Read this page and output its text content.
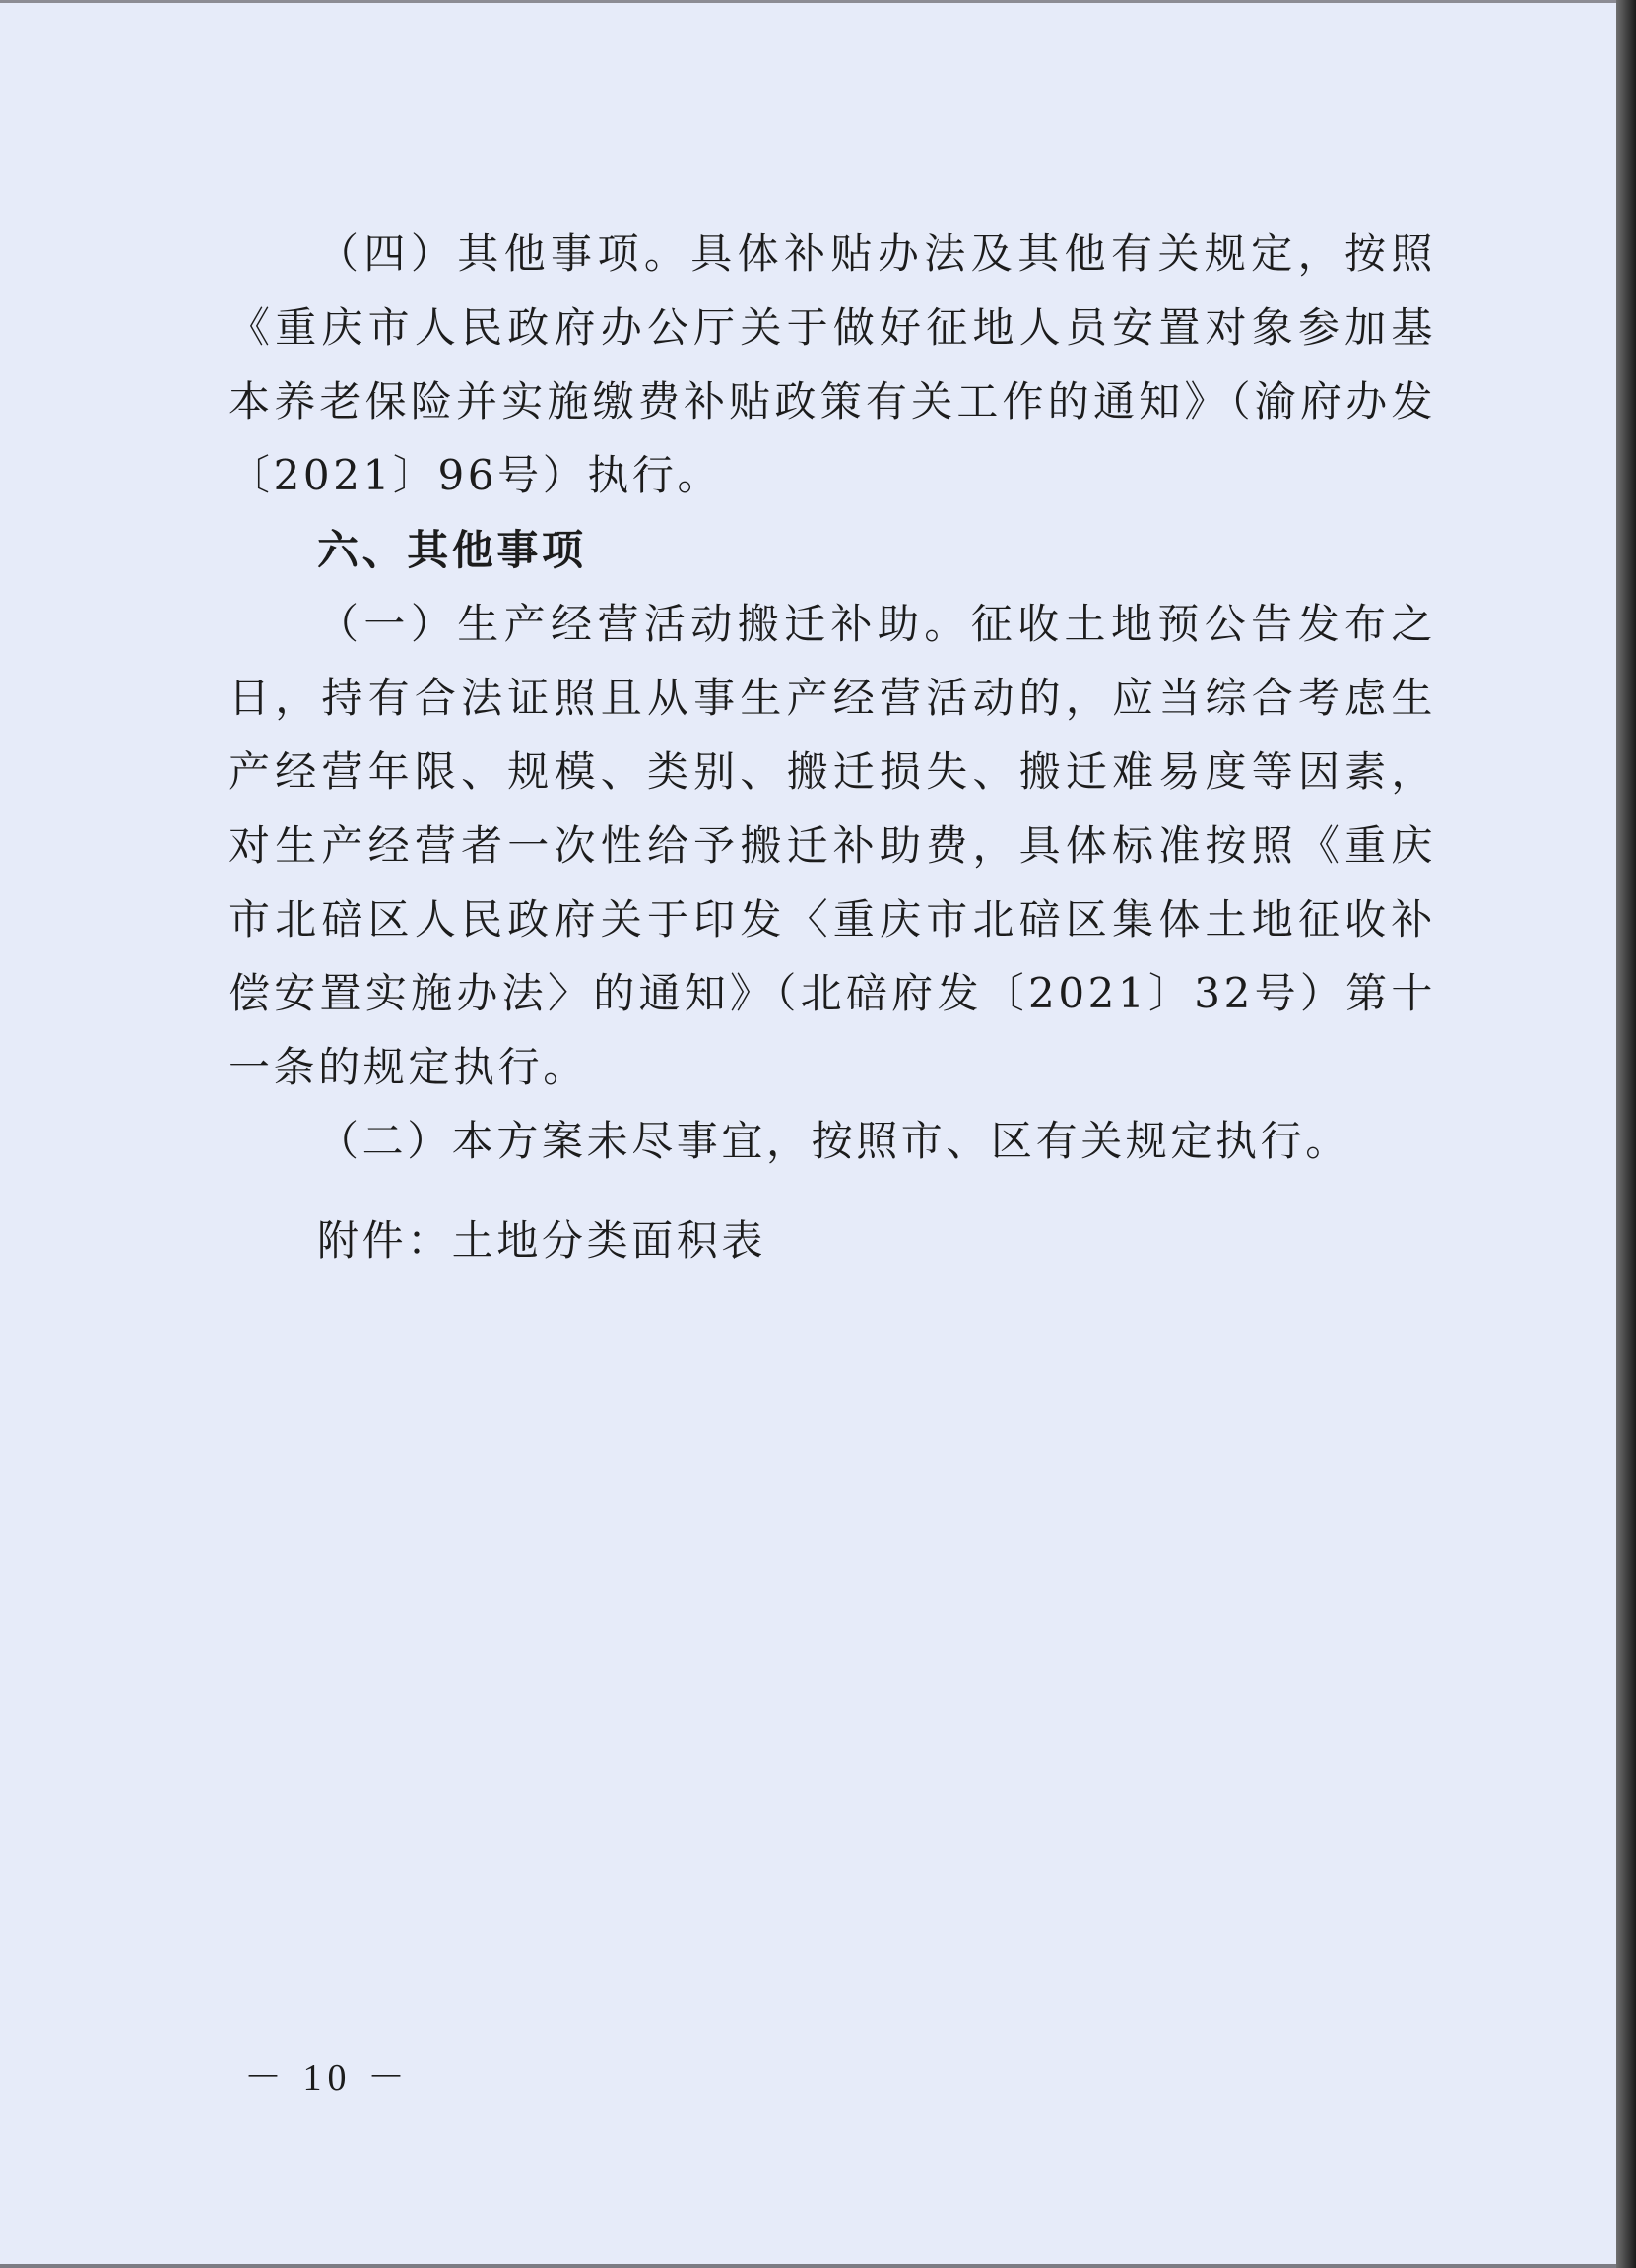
（四）其他事项。具体补贴办法及其他有关规定，按照《重庆市人民政府办公厅关于做好征地人员安置对象参加基本养老保险并实施缴费补贴政策有关工作的通知》（渝府办发〔2021〕96号）执行。

六、其他事项

（一）生产经营活动搬迁补助。征收土地预公告发布之日，持有合法证照且从事生产经营活动的，应当综合考虑生产经营年限、规模、类别、搬迁损失、搬迁难易度等因素，对生产经营者一次性给予搬迁补助费，具体标准按照《重庆市北碚区人民政府关于印发〈重庆市北碚区集体土地征收补偿安置实施办法〉的通知》（北碚府发〔2021〕32号）第十一条的规定执行。

（二）本方案未尽事宜，按照市、区有关规定执行。

附件：土地分类面积表

－ 10 －
